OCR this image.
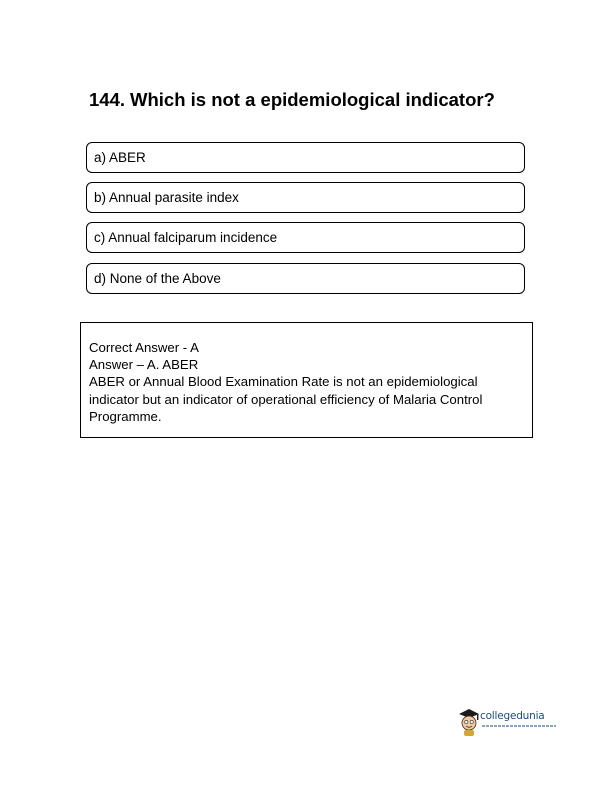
144. Which is not a epidemiological indicator?
a) ABER
b) Annual parasite index
c) Annual falciparum incidence
d) None of the Above
Correct Answer - A
Answer – A. ABER
ABER or Annual Blood Examination Rate is not an epidemiological indicator but an indicator of operational efficiency of Malaria Control Programme.
collegedunia
